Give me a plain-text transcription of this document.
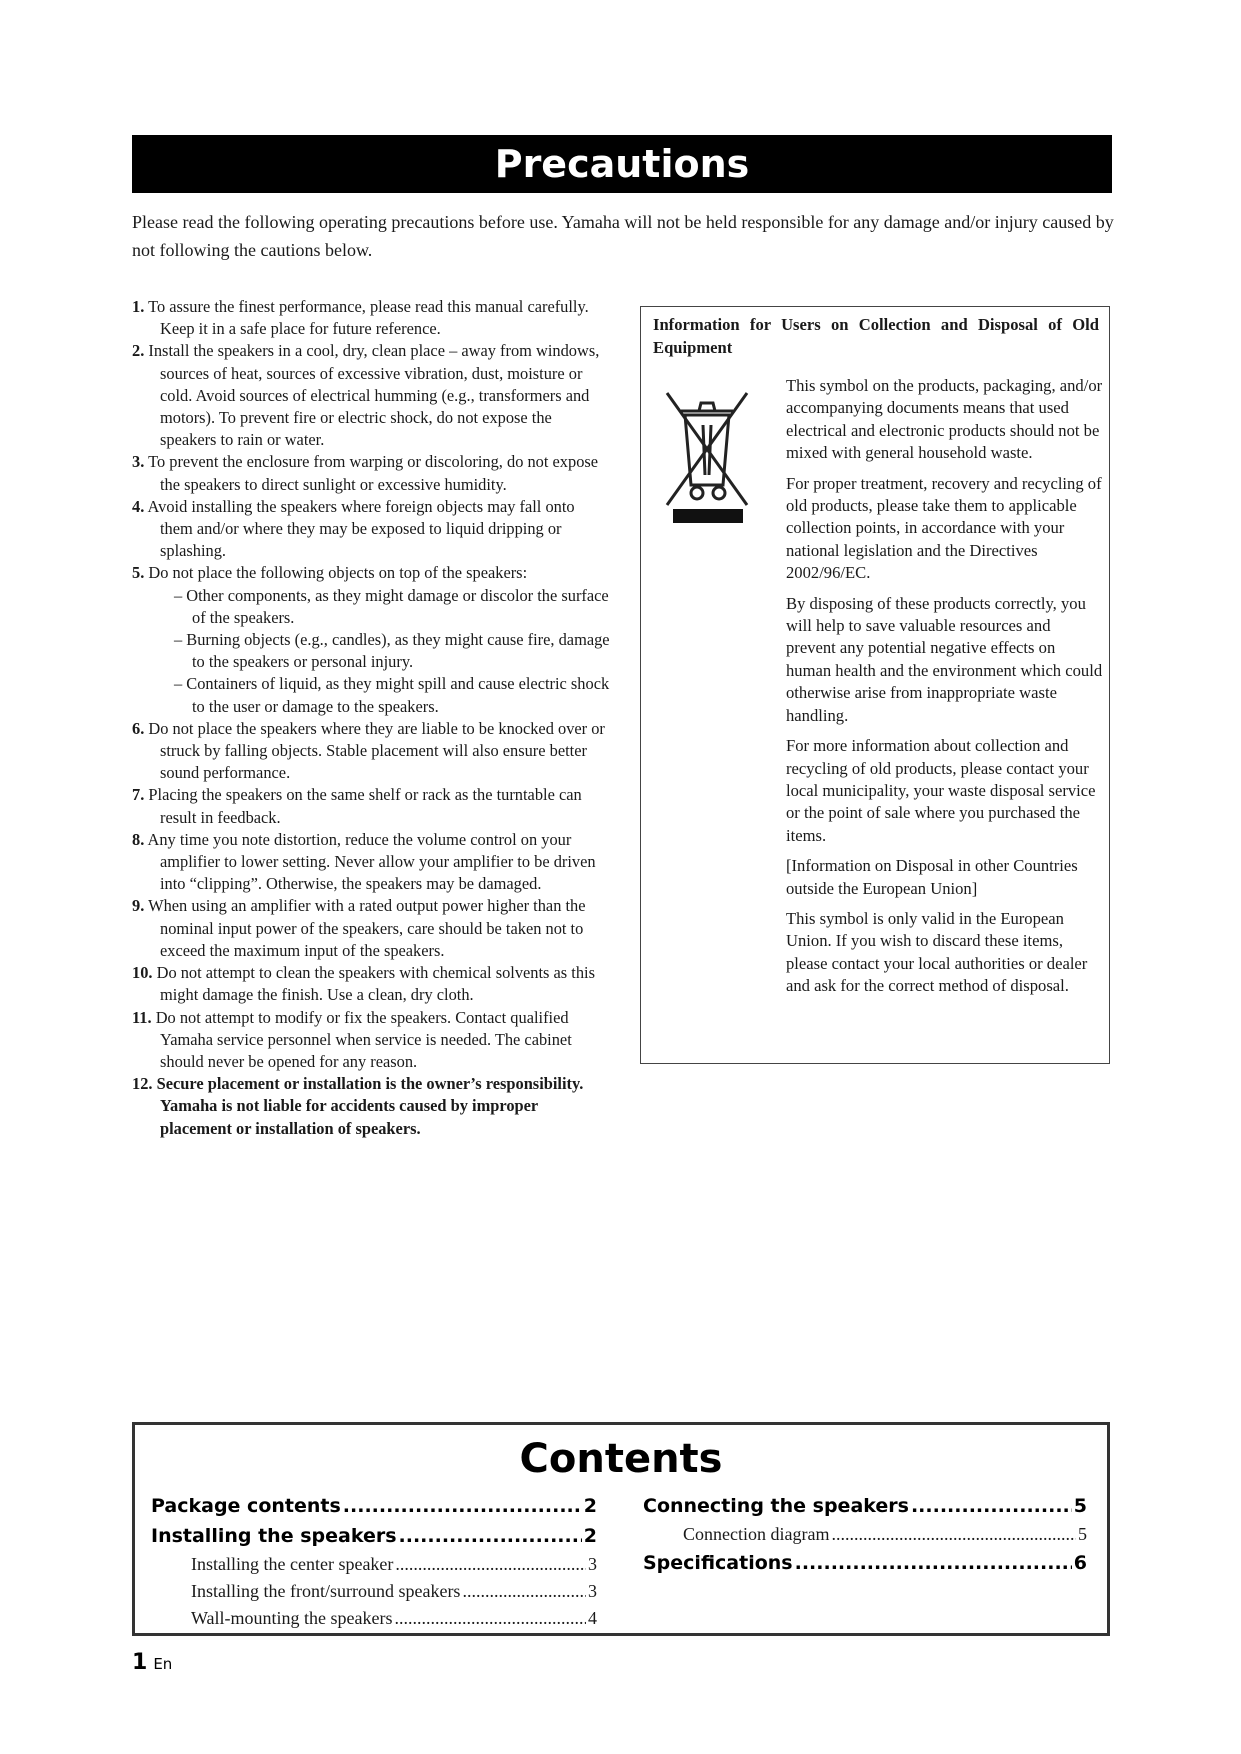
Precautions

Please read the following operating precautions before use. Yamaha will not be held responsible for any damage and/or injury caused by not following the cautions below.

1. To assure the finest performance, please read this manual carefully. Keep it in a safe place for future reference.
2. Install the speakers in a cool, dry, clean place – away from windows, sources of heat, sources of excessive vibration, dust, moisture or cold. Avoid sources of electrical humming (e.g., transformers and motors). To prevent fire or electric shock, do not expose the speakers to rain or water.
3. To prevent the enclosure from warping or discoloring, do not expose the speakers to direct sunlight or excessive humidity.
4. Avoid installing the speakers where foreign objects may fall onto them and/or where they may be exposed to liquid dripping or splashing.
5. Do not place the following objects on top of the speakers:
– Other components, as they might damage or discolor the surface of the speakers.
– Burning objects (e.g., candles), as they might cause fire, damage to the speakers or personal injury.
– Containers of liquid, as they might spill and cause electric shock to the user or damage to the speakers.
6. Do not place the speakers where they are liable to be knocked over or struck by falling objects. Stable placement will also ensure better sound performance.
7. Placing the speakers on the same shelf or rack as the turntable can result in feedback.
8. Any time you note distortion, reduce the volume control on your amplifier to lower setting. Never allow your amplifier to be driven into “clipping”. Otherwise, the speakers may be damaged.
9. When using an amplifier with a rated output power higher than the nominal input power of the speakers, care should be taken not to exceed the maximum input of the speakers.
10. Do not attempt to clean the speakers with chemical solvents as this might damage the finish. Use a clean, dry cloth.
11. Do not attempt to modify or fix the speakers. Contact qualified Yamaha service personnel when service is needed. The cabinet should never be opened for any reason.
12. Secure placement or installation is the owner’s responsibility. Yamaha is not liable for accidents caused by improper placement or installation of speakers.
Information for Users on Collection and Disposal of Old Equipment

This symbol on the products, packaging, and/or accompanying documents means that used electrical and electronic products should not be mixed with general household waste.

For proper treatment, recovery and recycling of old products, please take them to applicable collection points, in accordance with your national legislation and the Directives 2002/96/EC.

By disposing of these products correctly, you will help to save valuable resources and prevent any potential negative effects on human health and the environment which could otherwise arise from inappropriate waste handling.

For more information about collection and recycling of old products, please contact your local municipality, your waste disposal service or the point of sale where you purchased the items.

[Information on Disposal in other Countries outside the European Union]

This symbol is only valid in the European Union. If you wish to discard these items, please contact your local authorities or dealer and ask for the correct method of disposal.

Contents
Package contents .....	2
Installing the speakers .....	2
Installing the center speaker .....	3
Installing the front/surround speakers .....	3
Wall-mounting the speakers .....	4
Connecting the speakers .....	5
Connection diagram .....	5
Specifications .....	6
1 En
